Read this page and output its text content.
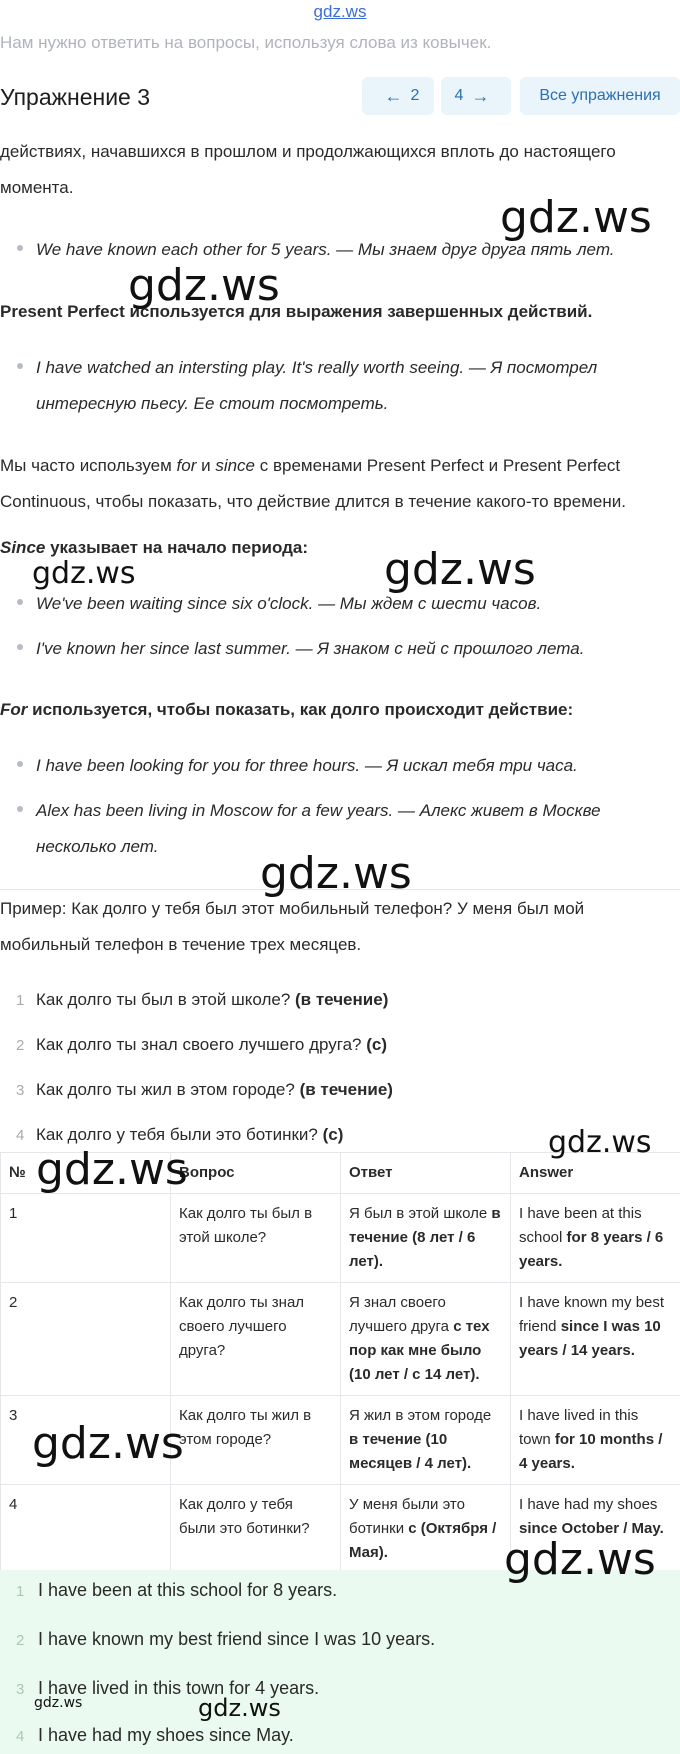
gdz.ws
Нам нужно ответить на вопросы, используя слова из ковычек.
Упражнение 3	← 2 4 →	Все упражнения
действиях, начавшихся в прошлом и продолжающихся вплоть до настоящего
момента.
We have known each other for 5 years. — Мы знаем друг друга пять лет.
Present Perfect используется для выражения завершенных действий.
I have watched an intersting play. It's really worth seeing. — Я посмотрел
интересную пьесу. Ее стоит посмотреть.
Мы часто используем for и since с временами Present Perfect и Present Perfect
Continuous, чтобы показать, что действие длится в течение какого-то времени.
Since указывает на начало периода:
We've been waiting since six o'clock. — Мы ждем с шести часов.
I've known her since last summer. — Я знаком с ней с прошлого лета.
For используется, чтобы показать, как долго происходит действие:
I have been looking for you for three hours. — Я искал тебя три часа.
Alex has been living in Moscow for a few years. — Алекс живет в Москве
несколько лет.
Пример: Как долго у тебя был этот мобильный телефон? У меня был мой
мобильный телефон в течение трех месяцев.
1 Как долго ты был в этой школе? (в течение)
2 Как долго ты знал своего лучшего друга? (с)
3 Как долго ты жил в этом городе? (в течение)
4 Как долго у тебя были это ботинки? (с)
№	Вопрос	Ответ	Answer
1	Как долго ты был в этой школе?	Я был в этой школе в течение (8 лет / 6 лет).	I have been at this school for 8 years / 6 years.
2	Как долго ты знал своего лучшего друга?	Я знал своего лучшего друга с тех пор как мне было (10 лет / с 14 лет).	I have known my best friend since I was 10 years / 14 years.
3	Как долго ты жил в этом городе?	Я жил в этом городе в течение (10 месяцев / 4 лет).	I have lived in this town for 10 months / 4 years.
4	Как долго у тебя были это ботинки?	У меня были это ботинки с (Октября / Мая).	I have had my shoes since October / May.
1 I have been at this school for 8 years.
2 I have known my best friend since I was 10 years.
3 I have lived in this town for 4 years.
4 I have had my shoes since May.
gdz.ws
gdz.ws
gdz.ws	gdz.ws
gdz.ws
gdz.ws
gdz.ws
gdz.ws
gdz.ws
gdz.ws	gdz.ws
